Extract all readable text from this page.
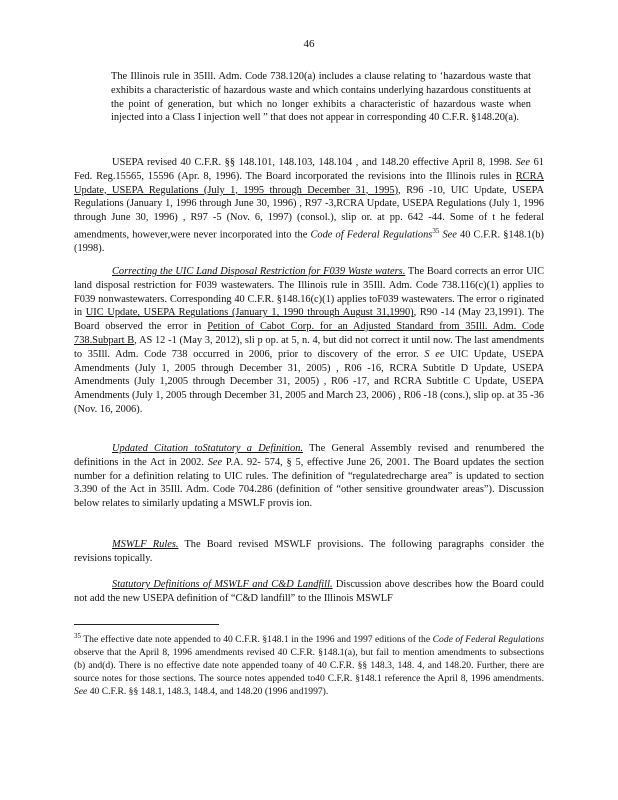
46

The Illinois rule in 35Ill. Adm. Code 738.120(a) includes a clause relating to ‘hazardous waste that exhibits a characteristic of hazardous waste and which contains underlying hazardous constituents at the point of generation, but which no longer exhibits a characteristic of hazardous waste when injected into a Class I injection well ” that does not appear in corresponding 40 C.F.R. §148.20(a).

USEPA revised 40 C.F.R. §§ 148.101, 148.103, 148.104 , and 148.20 effective April 8, 1998. See 61 Fed. Reg.15565, 15596 (Apr. 8, 1996). The Board incorporated the revisions into the Illinois rules in RCRA Update, USEPA Regulations (July 1, 1995 through December 31, 1995), R96 -10, UIC Update, USEPA Regulations (January 1, 1996 through June 30, 1996) , R97 -3,RCRA Update, USEPA Regulations (July 1, 1996 through June 30, 1996) , R97 -5 (Nov. 6, 1997) (consol.), slip or. at pp. 642 -44. Some of t he federal amendments, however,were never incorporated into the Code of Federal Regulations$^{35}$ See 40 C.F.R. §148.1(b) (1998).

Correcting the UIC Land Disposal Restriction for F039 Waste waters. The Board corrects an error UIC land disposal restriction for F039 wastewaters. The Illinois rule in 35Ill. Adm. Code 738.116(c)(1) applies to F039 nonwastewaters. Corresponding 40 C.F.R. §148.16(c)(1) applies toF039 wastewaters. The error o riginated in UIC Update, USEPA Regulations (January 1, 1990 through August 31,1990), R90 -14 (May 23,1991). The Board observed the error in Petition of Cabot Corp. for an Adjusted Standard from 35Ill. Adm. Code 738.Subpart B, AS 12 -1 (May 3, 2012), sli p op. at 5, n. 4, but did not correct it until now. The last amendments to 35Ill. Adm. Code 738 occurred in 2006, prior to discovery of the error. S ee UIC Update, USEPA Amendments (July 1, 2005 through December 31, 2005) , R06 -16, RCRA Subtitle D Update, USEPA Amendments (July 1,2005 through December 31, 2005) , R06 -17, and RCRA Subtitle C Update, USEPA Amendments (July 1, 2005 through December 31, 2005 and March 23, 2006) , R06 -18 (cons.), slip op. at 35 -36 (Nov. 16, 2006).

Updated Citation toStatutory a Definition. The General Assembly revised and renumbered the definitions in the Act in 2002. See P.A. 92- 574, § 5, effective June 26, 2001. The Board updates the section number for a definition relating to UIC rules. The definition of “regulatedrecharge area” is updated to section 3.390 of the Act in 35Ill. Adm. Code 704.286 (definition of “other sensitive groundwater areas”). Discussion below relates to similarly updating a MSWLF provis ion.

MSWLF Rules. The Board revised MSWLF provisions. The following paragraphs consider the revisions topically.

Statutory Definitions of MSWLF and C&D Landfill. Discussion above describes how the Board could not add the new USEPA definition of “C&D landfill” to the Illinois MSWLF

$^{35}$ The effective date note appended to 40 C.F.R. §148.1 in the 1996 and 1997 editions of the Code of Federal Regulations observe that the April 8, 1996 amendments revised 40 C.F.R. §148.1(a), but fail to mention amendments to subsections (b) and(d). There is no effective date note appended toany of 40 C.F.R. §§ 148.3, 148. 4, and 148.20. Further, there are source notes for those sections. The source notes appended to40 C.F.R. §148.1 reference the April 8, 1996 amendments. See 40 C.F.R. §§ 148.1, 148.3, 148.4, and 148.20 (1996 and1997).
